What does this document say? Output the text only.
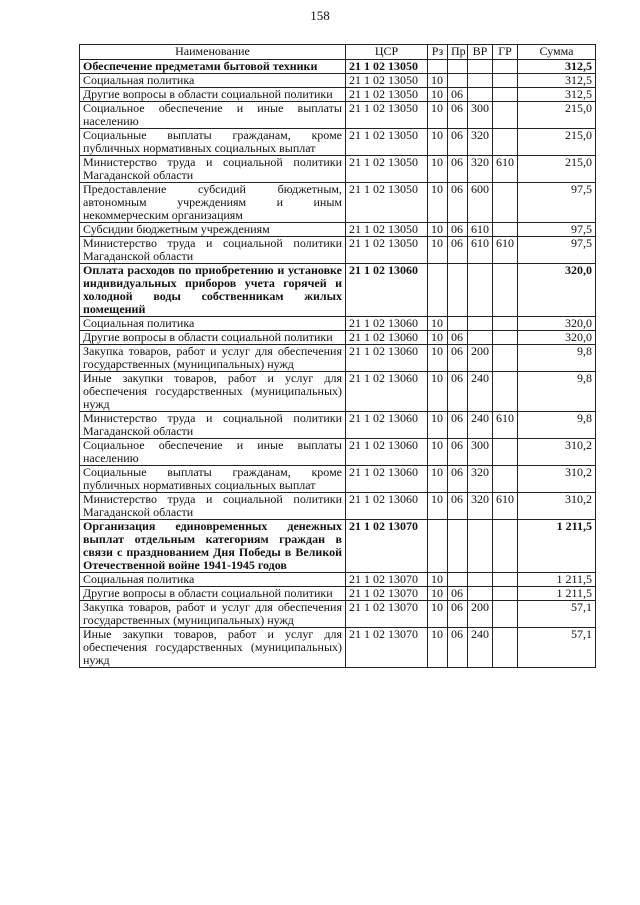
158
Наименование	ЦСР	Рз	Пр	ВР	ГР	Сумма
Обеспечение предметами бытовой техники	21 1 02 13050					312,5
Социальная политика	21 1 02 13050	10				312,5
Другие вопросы в области социальной политики	21 1 02 13050	10	06			312,5
Социальное обеспечение и иные выплаты населению	21 1 02 13050	10	06	300		215,0
Социальные выплаты гражданам, кроме публичных нормативных социальных выплат	21 1 02 13050	10	06	320		215,0
Министерство труда и социальной политики Магаданской области	21 1 02 13050	10	06	320	610	215,0
Предоставление субсидий бюджетным, автономным учреждениям и иным некоммерческим организациям	21 1 02 13050	10	06	600		97,5
Субсидии бюджетным учреждениям	21 1 02 13050	10	06	610		97,5
Министерство труда и социальной политики Магаданской области	21 1 02 13050	10	06	610	610	97,5
Оплата расходов по приобретению и установке индивидуальных приборов учета горячей и холодной воды собственникам жилых помещений	21 1 02 13060					320,0
Социальная политика	21 1 02 13060	10				320,0
Другие вопросы в области социальной политики	21 1 02 13060	10	06			320,0
Закупка товаров, работ и услуг для обеспечения государственных (муниципальных) нужд	21 1 02 13060	10	06	200		9,8
Иные закупки товаров, работ и услуг для обеспечения государственных (муниципальных) нужд	21 1 02 13060	10	06	240		9,8
Министерство труда и социальной политики Магаданской области	21 1 02 13060	10	06	240	610	9,8
Социальное обеспечение и иные выплаты населению	21 1 02 13060	10	06	300		310,2
Социальные выплаты гражданам, кроме публичных нормативных социальных выплат	21 1 02 13060	10	06	320		310,2
Министерство труда и социальной политики Магаданской области	21 1 02 13060	10	06	320	610	310,2
Организация единовременных денежных выплат отдельным категориям граждан в связи с празднованием Дня Победы в Великой Отечественной войне 1941-1945 годов	21 1 02 13070					1 211,5
Социальная политика	21 1 02 13070	10				1 211,5
Другие вопросы в области социальной политики	21 1 02 13070	10	06			1 211,5
Закупка товаров, работ и услуг для обеспечения государственных (муниципальных) нужд	21 1 02 13070	10	06	200		57,1
Иные закупки товаров, работ и услуг для обеспечения государственных (муниципальных) нужд	21 1 02 13070	10	06	240		57,1
